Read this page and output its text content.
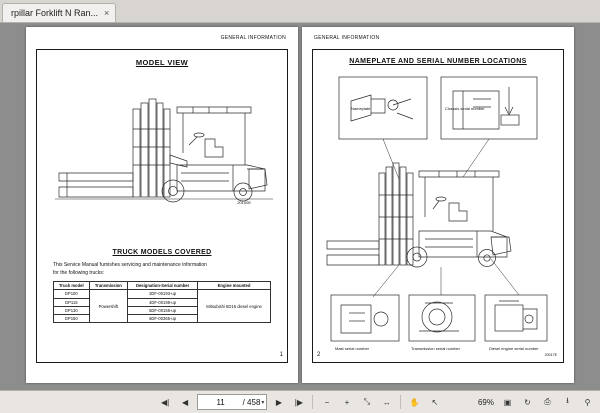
rpillar Forklift N Ran... ×
GENERAL INFORMATION
MODEL VIEW
20100E
TRUCK MODELS COVERED
This Service Manual furnishes servicing and maintenance information
for the following trucks:
Truck model	Transmission	Designation-Serial number	Engine mounted
DP100	Powershift	3DF-00193-up	Mitsubishi 6D16 diesel engine
DP115		4DF-00198-up	
DP130		5DF-00156-up	
DP150		6DF-00365-up	
1
GENERAL INFORMATION
NAMEPLATE AND SERIAL NUMBER LOCATIONS
Nameplate	Chassis serial number
Mast serial number	Transmission serial number	Diesel engine serial number
20017E
2
◀|	◀
11	/ 458 ▾	▶	|▶	−	+	⤡	↔	✋	↖	69%	▣	↻	⎙	⭳	⚲
